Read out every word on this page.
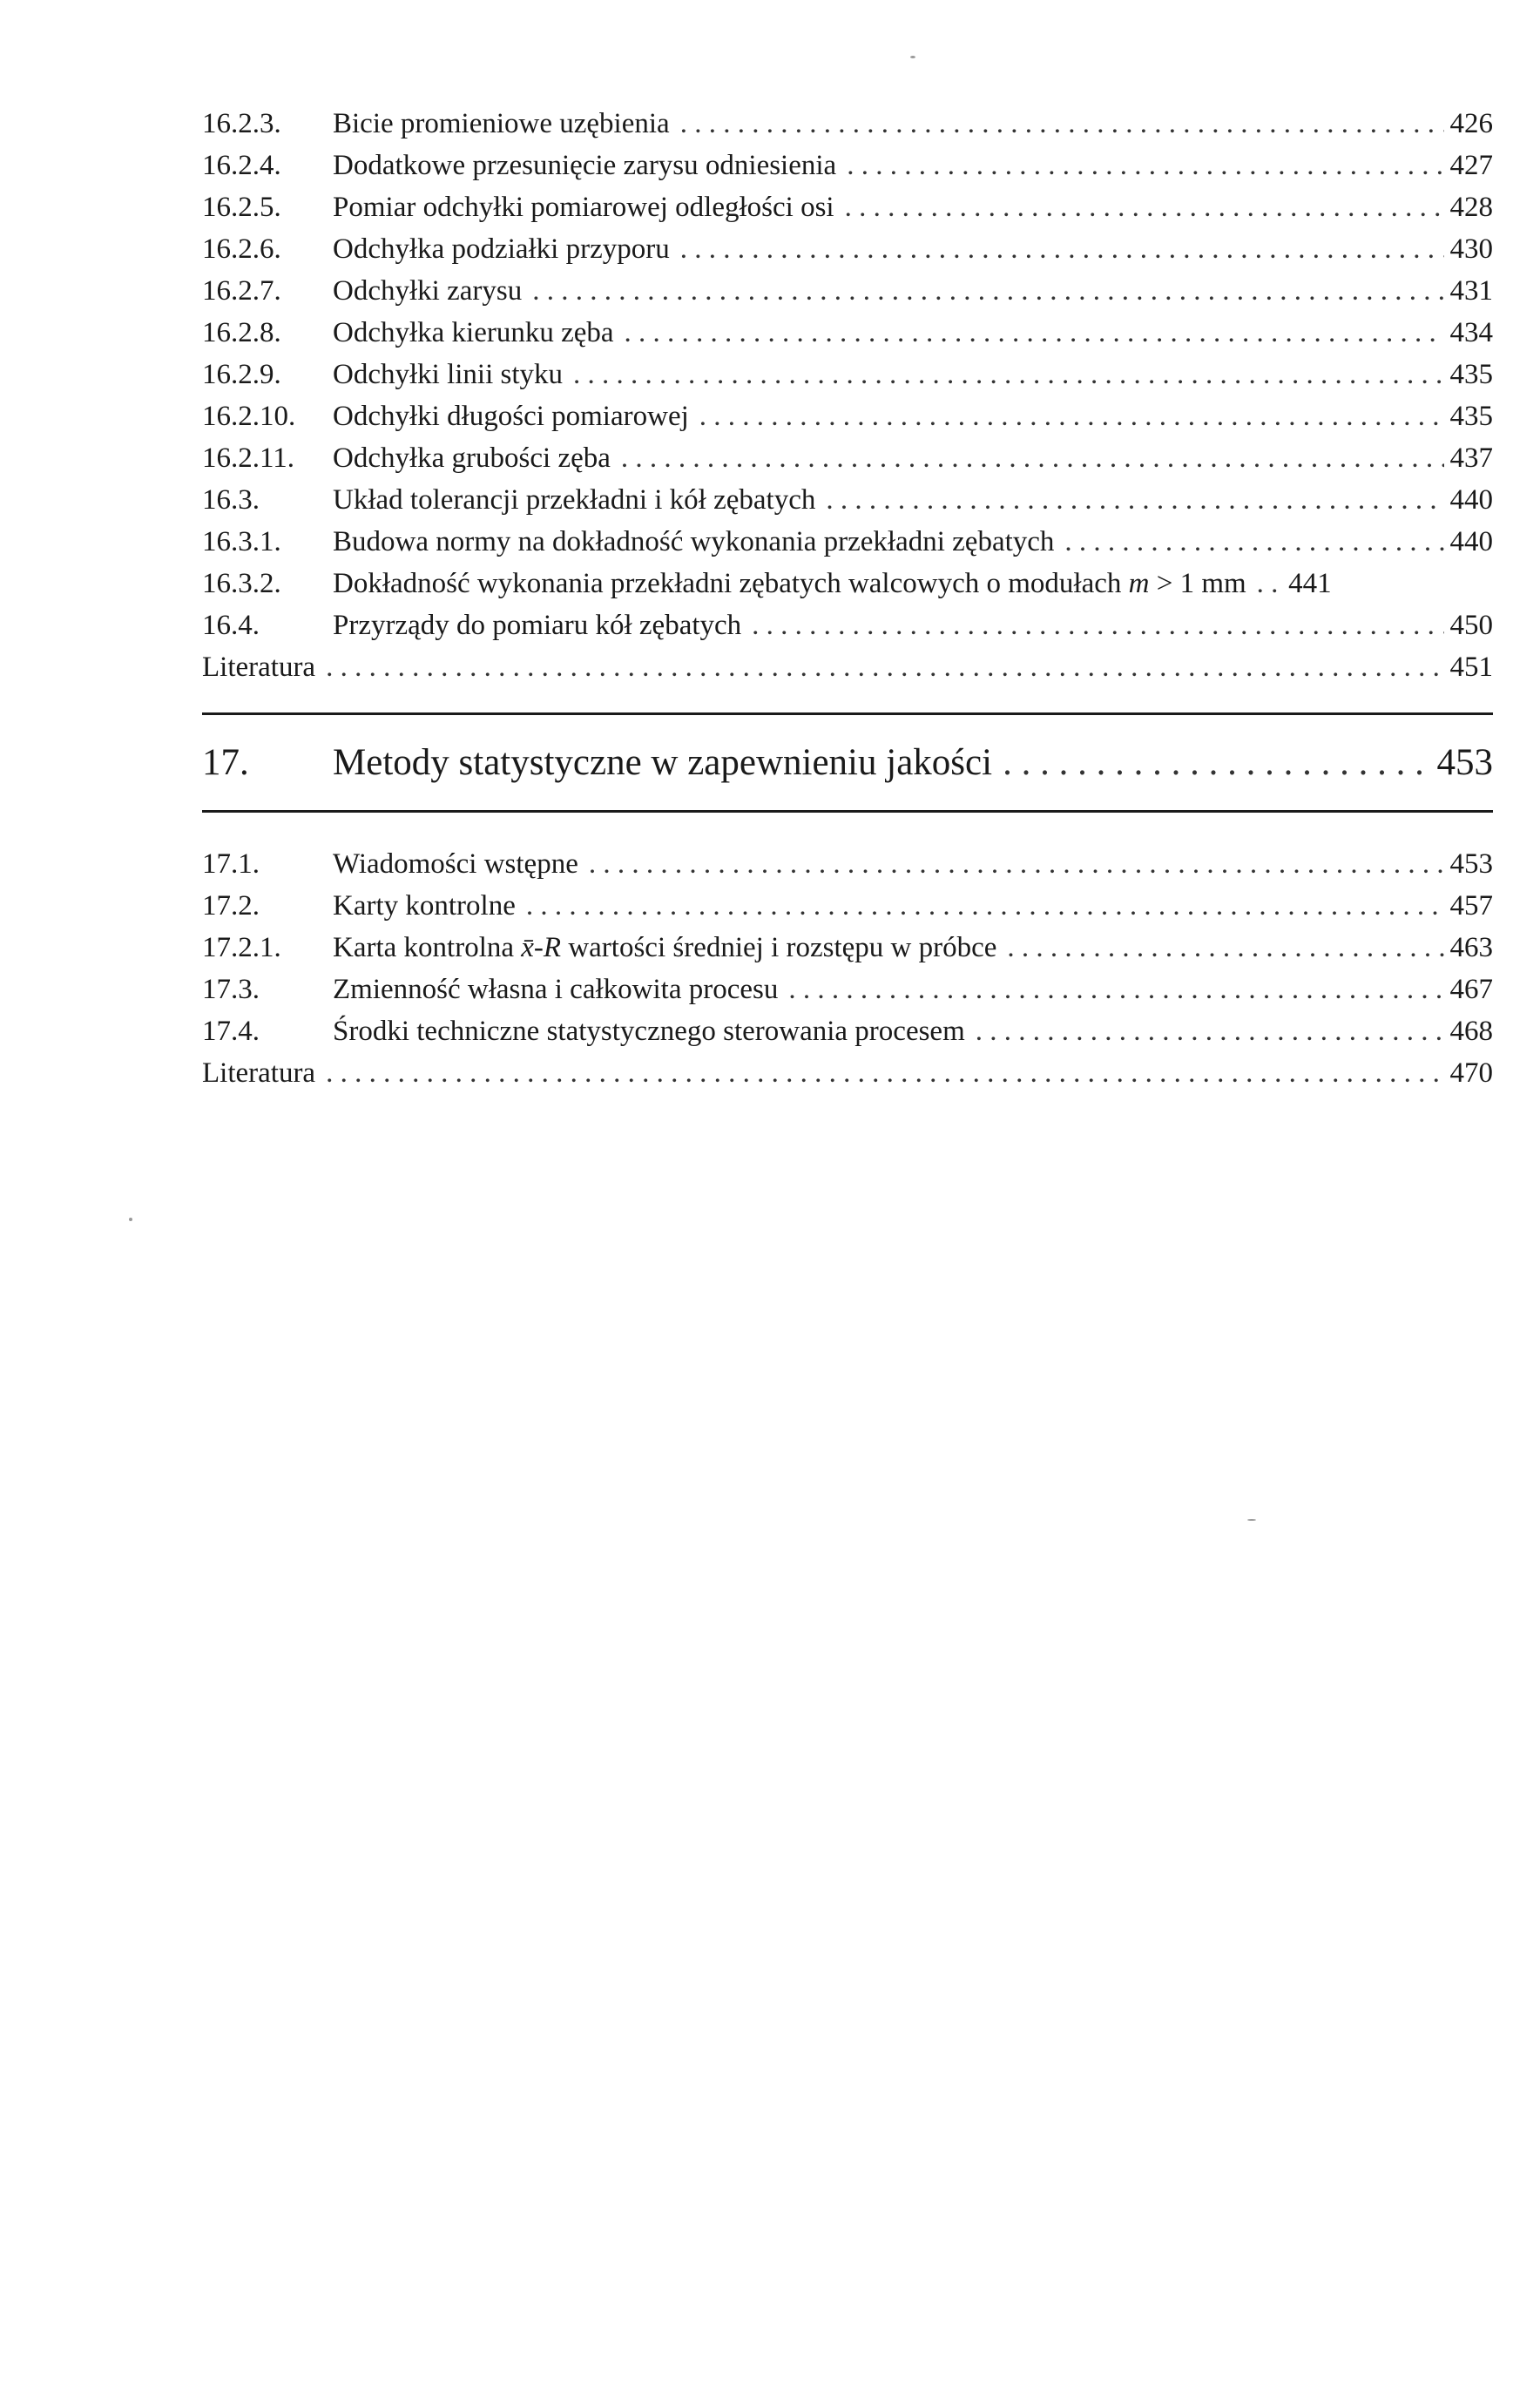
16.2.3.	Bicie promieniowe uzębienia . . .	426
16.2.4.	Dodatkowe przesunięcie zarysu odniesienia . . .	427
16.2.5.	Pomiar odchyłki pomiarowej odległości osi . . .	428
16.2.6.	Odchyłka podziałki przyporu . . .	430
16.2.7.	Odchyłki zarysu . . .	431
16.2.8.	Odchyłka kierunku zęba . . .	434
16.2.9.	Odchyłki linii styku . . .	435
16.2.10.	Odchyłki długości pomiarowej . . .	435
16.2.11.	Odchyłka grubości zęba . . .	437
16.3.	Układ tolerancji przekładni i kół zębatych . . .	440
16.3.1.	Budowa normy na dokładność wykonania przekładni zębatych . . .	440
16.3.2.	Dokładność wykonania przekładni zębatych walcowych o modułach m > 1 mm . . . 441
16.4.	Przyrządy do pomiaru kół zębatych . . .	450
Literatura . . .	451
17.	Metody statystyczne w zapewnieniu jakości . . .	453
17.1.	Wiadomości wstępne . . .	453
17.2.	Karty kontrolne . . .	457
17.2.1.	Karta kontrolna x̄-R wartości średniej i rozstępu w próbce . . .	463
17.3.	Zmienność własna i całkowita procesu . . .	467
17.4.	Środki techniczne statystycznego sterowania procesem . . .	468
Literatura . . .	470
